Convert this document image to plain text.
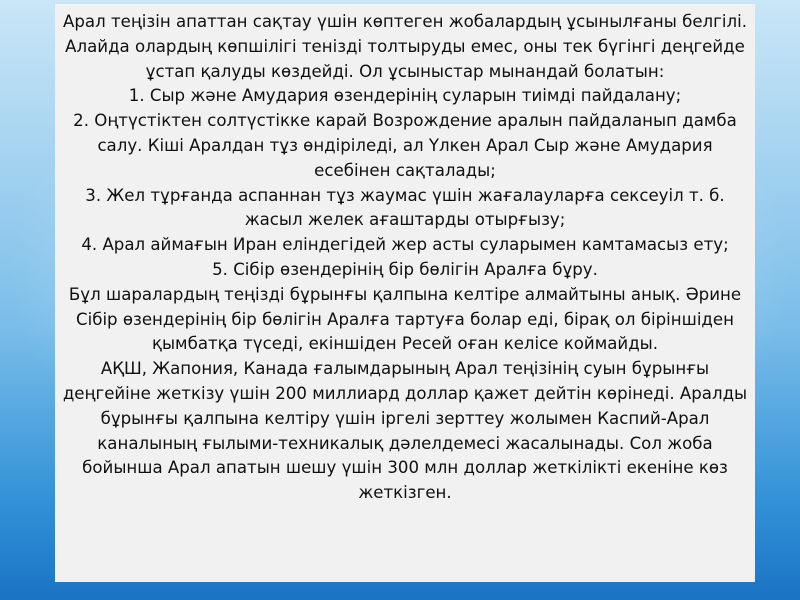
Арал теңізін апаттан сақтау үшін көптеген жобалардың ұсынылғаны белгілі. Алайда олардың көпшілігі тенізді толтыруды емес, оны тек бүгінгі деңгейде ұстап қалуды көздейді. Ол ұсыныстар мынандай болатын:

1. Сыр және Амудария өзендерінің суларын тиімді пайдалану;

2. Оңтүстіктен солтүстікке карай Возрождение аралын пайдаланып дамба салу. Кіші Аралдан тұз өндіріледі, ал Үлкен Арал Сыр және Амудария есебінен сақталады;

3. Жел тұрғанда аспаннан тұз жаумас үшін жағалауларға сексеуіл т. б. жасыл желек ағаштарды отырғызу;

4. Арал аймағын Иран еліндегідей жер асты суларымен камтамасыз ету;

5. Сібір өзендерінің бір бөлігін Аралға бұру.

Бұл шаралардың теңізді бұрынғы қалпына келтіре алмайтыны анық. Әрине Сібір өзендерінің бір бөлігін Аралға тартуға болар еді, бірақ ол біріншіден қымбатқа түседі, екіншіден Ресей оған келісе коймайды.

АҚШ, Жапония, Канада ғалымдарының Арал теңізінің суын бұрынғы деңгейіне жеткізу үшін 200 миллиард доллар қажет дейтін көрінеді. Аралды бұрынғы қалпына келтіру үшін іргелі зерттеу жолымен Каспий-Арал каналының ғылыми-техникалық дәлелдемесі жасалынады. Сол жоба бойынша Арал апатын шешу үшін 300 млн доллар жеткілікті екеніне көз жеткізген.
